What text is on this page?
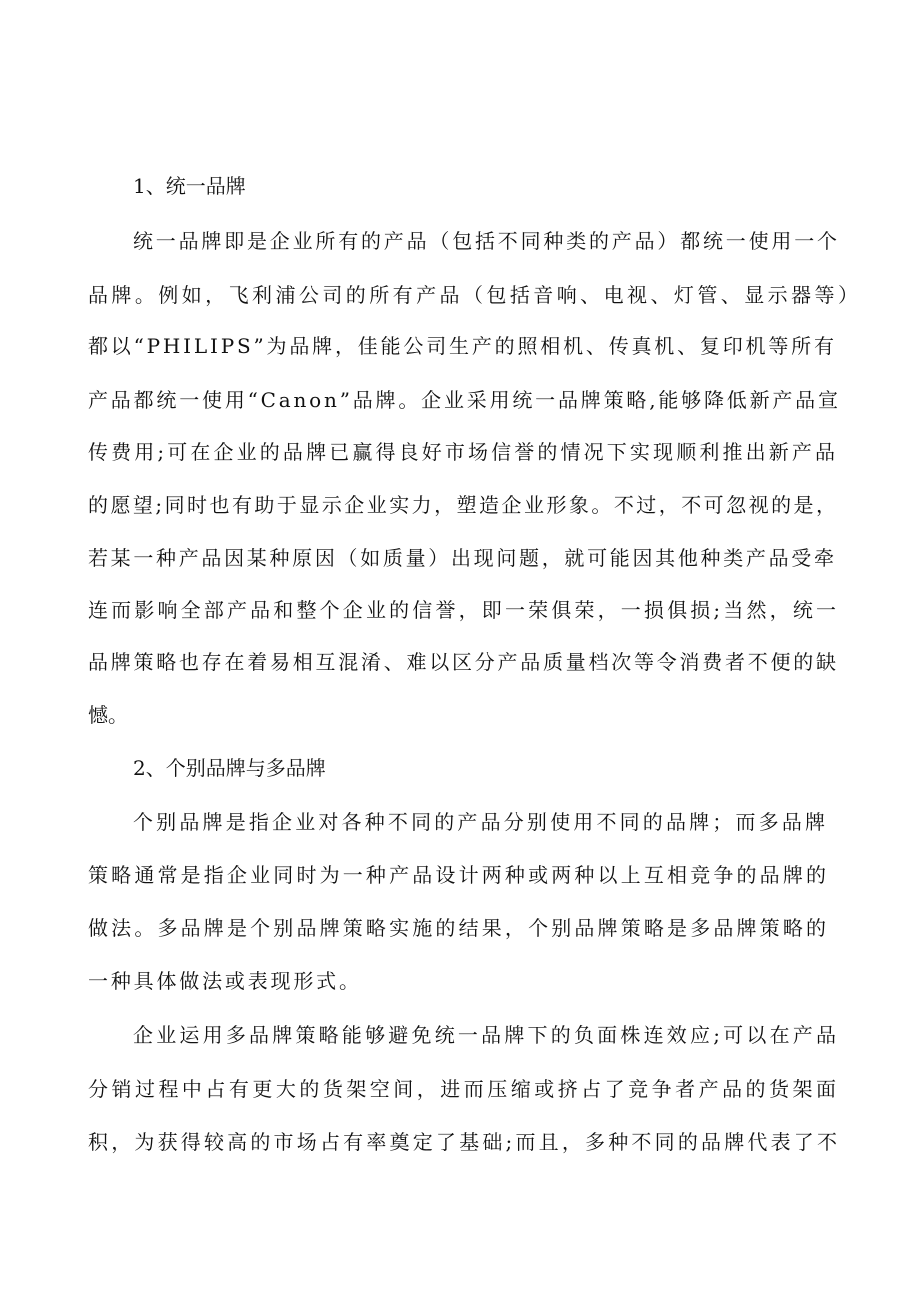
1、统一品牌

统一品牌即是企业所有的产品（包括不同种类的产品）都统一使用一个

品牌。例如，飞利浦公司的所有产品（包括音响、电视、灯管、显示器等）

都以“PHILIPS”为品牌，佳能公司生产的照相机、传真机、复印机等所有

产品都统一使用“Canon”品牌。企业采用统一品牌策略,能够降低新产品宣

传费用;可在企业的品牌已赢得良好市场信誉的情况下实现顺利推出新产品

的愿望;同时也有助于显示企业实力，塑造企业形象。不过，不可忽视的是，

若某一种产品因某种原因（如质量）出现问题，就可能因其他种类产品受牵

连而影响全部产品和整个企业的信誉，即一荣俱荣，一损俱损;当然，统一

品牌策略也存在着易相互混淆、难以区分产品质量档次等令消费者不便的缺

憾。

2、个别品牌与多品牌

个别品牌是指企业对各种不同的产品分别使用不同的品牌；而多品牌

策略通常是指企业同时为一种产品设计两种或两种以上互相竞争的品牌的

做法。多品牌是个别品牌策略实施的结果，个别品牌策略是多品牌策略的

一种具体做法或表现形式。

企业运用多品牌策略能够避免统一品牌下的负面株连效应;可以在产品

分销过程中占有更大的货架空间，进而压缩或挤占了竞争者产品的货架面

积，为获得较高的市场占有率奠定了基础;而且，多种不同的品牌代表了不
